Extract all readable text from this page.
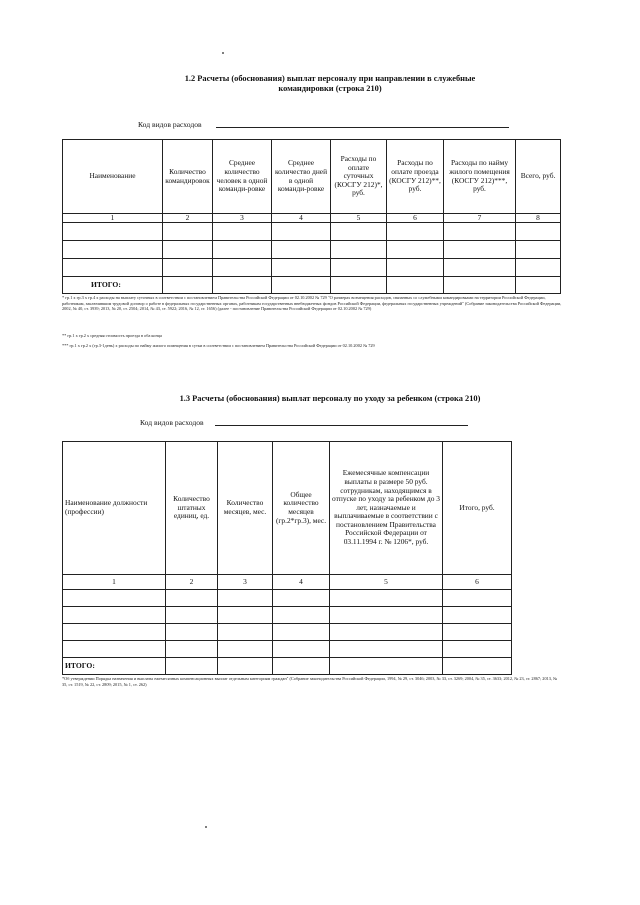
1.2 Расчеты (обоснования) выплат персоналу при направлении в служебные
командировки (строка 210)
Код видов расходов
Наименование	Количество командировок	Среднее количество человек в одной команди-ровке	Среднее количество дней в одной команди-ровке	Расходы по оплате суточных (КОСГУ 212)*, руб.	Расходы по оплате проезда (КОСГУ 212)**, руб.	Расходы по найму жилого помещения (КОСГУ 212)***, руб.	Всего, руб.
1	2	3	4	5	6	7	8

ИТОГО:							
* гр.1 х гр.3 х гр.4 х расходы на выплату суточных в соответствии с постановлением Правительства Российской Федерации от 02.10.2002 № 729 "О размерах возмещения расходов, связанных со служебными командировками на территории Российской Федерации, работникам, заключившим трудовой договор о работе в федеральных государственных органах, работникам государственных внебюджетных фондов Российской Федерации, федеральных государственных учреждений" (Собрание законодательства Российской Федерации, 2002, № 40, ст. 3939; 2013, № 20, ст. 2504; 2014, № 43, ст. 5922; 2016, № 12, ст. 1656) (далее - постановление Правительства Российской Федерации от 02.10.2002 № 729)
** гр.1 х гр.2 х средняя стоимость проезда в оба конца
*** гр.1 х гр.2 х (гр.3-1день) х расходы по найму жилого помещения в сутки в соответствии с постановлением Правительства Российской Федерации от 02.10.2002 № 729
1.3 Расчеты (обоснования) выплат персоналу по уходу за ребенком (строка 210)
Код видов расходов
Наименование должности (профессии)	Количество штатных единиц, ед.	Количество месяцев, мес.	Общее количество месяцев (гр.2*гр.3), мес.	Ежемесячные компенсации выплаты в размере 50 руб. сотрудникам, находящимся в отпуске по уходу за ребенком до 3 лет, назначаемые и выплачиваемые в соответствии с постановлением Правительства Российской Федерации от 03.11.1994 г. № 1206*, руб.	Итого, руб.
1	2	3	4	5	6

ИТОГО:					
*Об утверждении Порядка назначения и выплаты ежемесячных компенсационных выплат отдельным категориям граждан" (Собрание законодательства Российской Федерации, 1994, № 29, ст. 3046; 2003, № 33, ст. 3269; 2004, № 35, ст. 3633; 2012, № 23, ст. 2867; 2013, № 35, ст. 1519, № 22, ст. 2809; 2015, № 1, ст. 262)
